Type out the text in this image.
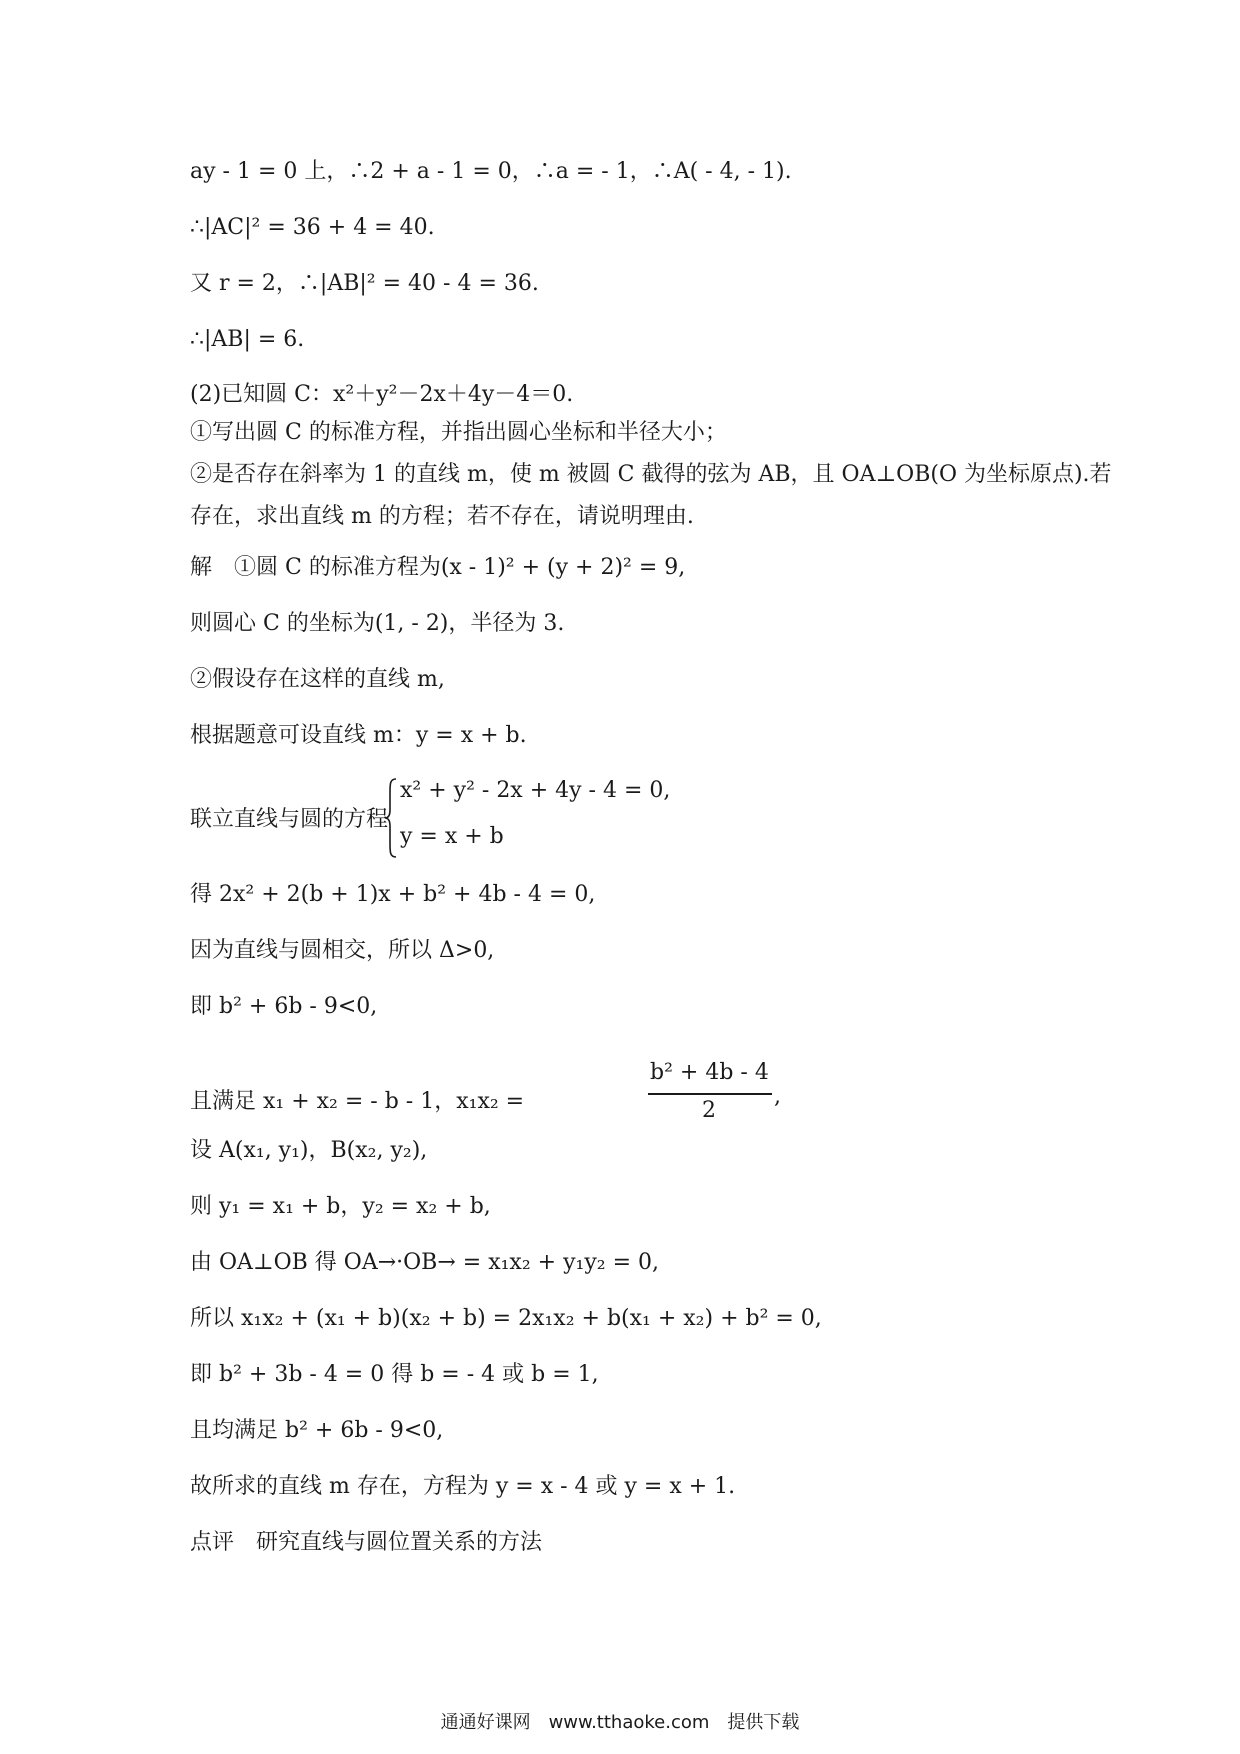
ay - 1 = 0 上，∴2 + a - 1 = 0，∴a = - 1，∴A( - 4, - 1).
∴|AC|² = 36 + 4 = 40.
又 r = 2，∴|AB|² = 40 - 4 = 36.
∴|AB| = 6.
(2)已知圆 C：x²＋y²－2x＋4y－4＝0.
①写出圆 C 的标准方程，并指出圆心坐标和半径大小；
②是否存在斜率为 1 的直线 m，使 m 被圆 C 截得的弦为 AB，且 OA⊥OB(O 为坐标原点).若
存在，求出直线 m 的方程；若不存在，请说明理由.
解　①圆 C 的标准方程为(x - 1)² + (y + 2)² = 9,
则圆心 C 的坐标为(1, - 2)，半径为 3.
②假设存在这样的直线 m,
根据题意可设直线 m：y = x + b.
联立直线与圆的方程
x² + y² - 2x + 4y - 4 = 0,
y = x + b
得 2x² + 2(b + 1)x + b² + 4b - 4 = 0,
因为直线与圆相交，所以 Δ>0,
即 b² + 6b - 9<0,
且满足 x₁ + x₂ = - b - 1，x₁x₂ =
b² + 4b - 4
2
,
设 A(x₁, y₁)，B(x₂, y₂),
则 y₁ = x₁ + b，y₂ = x₂ + b,
由 OA⊥OB 得 OA→·OB→ = x₁x₂ + y₁y₂ = 0,
所以 x₁x₂ + (x₁ + b)(x₂ + b) = 2x₁x₂ + b(x₁ + x₂) + b² = 0,
即 b² + 3b - 4 = 0 得 b = - 4 或 b = 1,
且均满足 b² + 6b - 9<0,
故所求的直线 m 存在，方程为 y = x - 4 或 y = x + 1.
点评　研究直线与圆位置关系的方法
通通好课网　www.tthaoke.com　提供下载
